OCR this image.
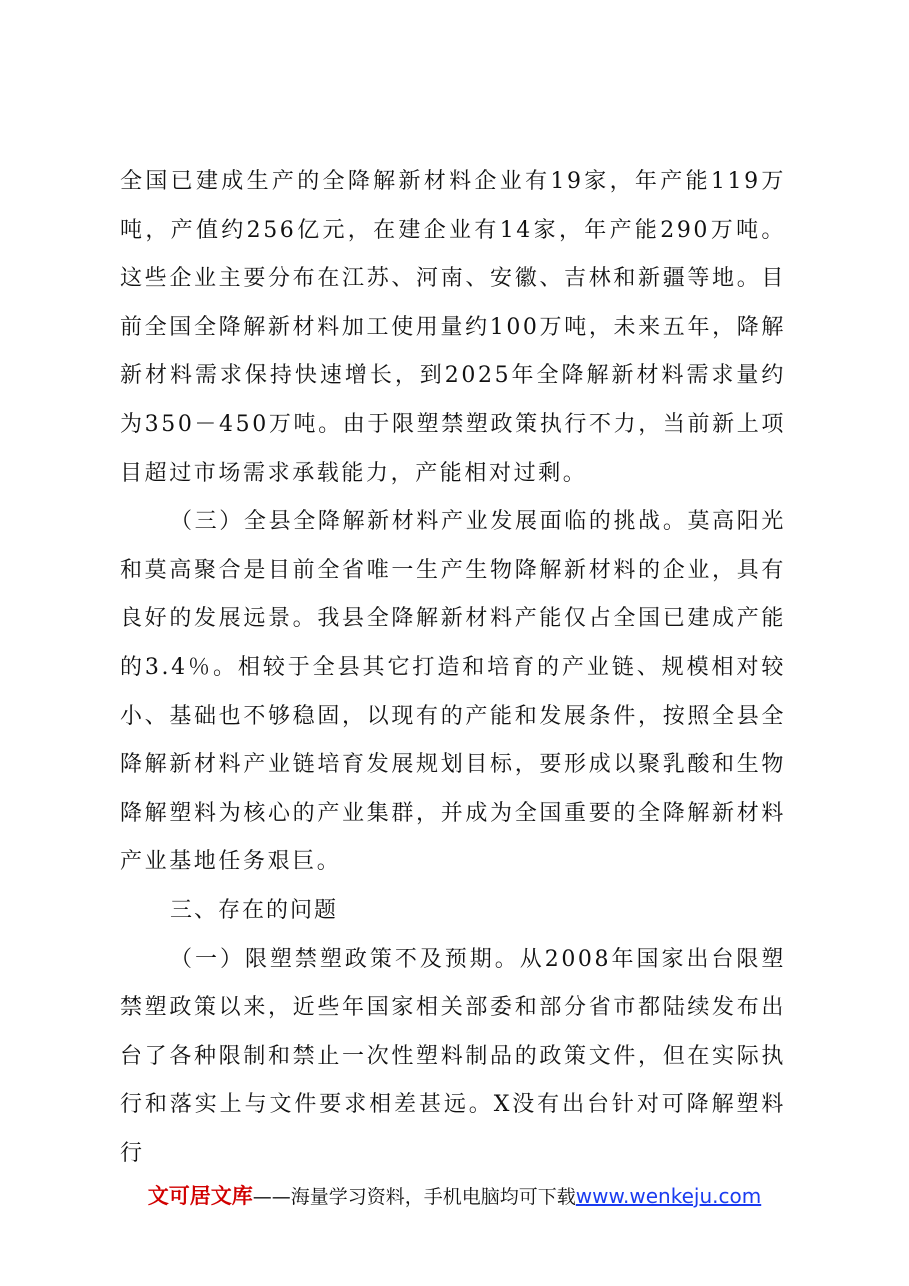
全国已建成生产的全降解新材料企业有19家，年产能119万吨，产值约256亿元，在建企业有14家，年产能290万吨。这些企业主要分布在江苏、河南、安徽、吉林和新疆等地。目前全国全降解新材料加工使用量约100万吨，未来五年，降解新材料需求保持快速增长，到2025年全降解新材料需求量约为350－450万吨。由于限塑禁塑政策执行不力，当前新上项目超过市场需求承载能力，产能相对过剩。

（三）全县全降解新材料产业发展面临的挑战。莫高阳光和莫高聚合是目前全省唯一生产生物降解新材料的企业，具有良好的发展远景。我县全降解新材料产能仅占全国已建成产能的3.4％。相较于全县其它打造和培育的产业链、规模相对较小、基础也不够稳固，以现有的产能和发展条件，按照全县全降解新材料产业链培育发展规划目标，要形成以聚乳酸和生物降解塑料为核心的产业集群，并成为全国重要的全降解新材料产业基地任务艰巨。

三、存在的问题

（一）限塑禁塑政策不及预期。从2008年国家出台限塑禁塑政策以来，近些年国家相关部委和部分省市都陆续发布出台了各种限制和禁止一次性塑料制品的政策文件，但在实际执行和落实上与文件要求相差甚远。X没有出台针对可降解塑料行

文可居文库——海量学习资料，手机电脑均可下载www.wenkeju.com
